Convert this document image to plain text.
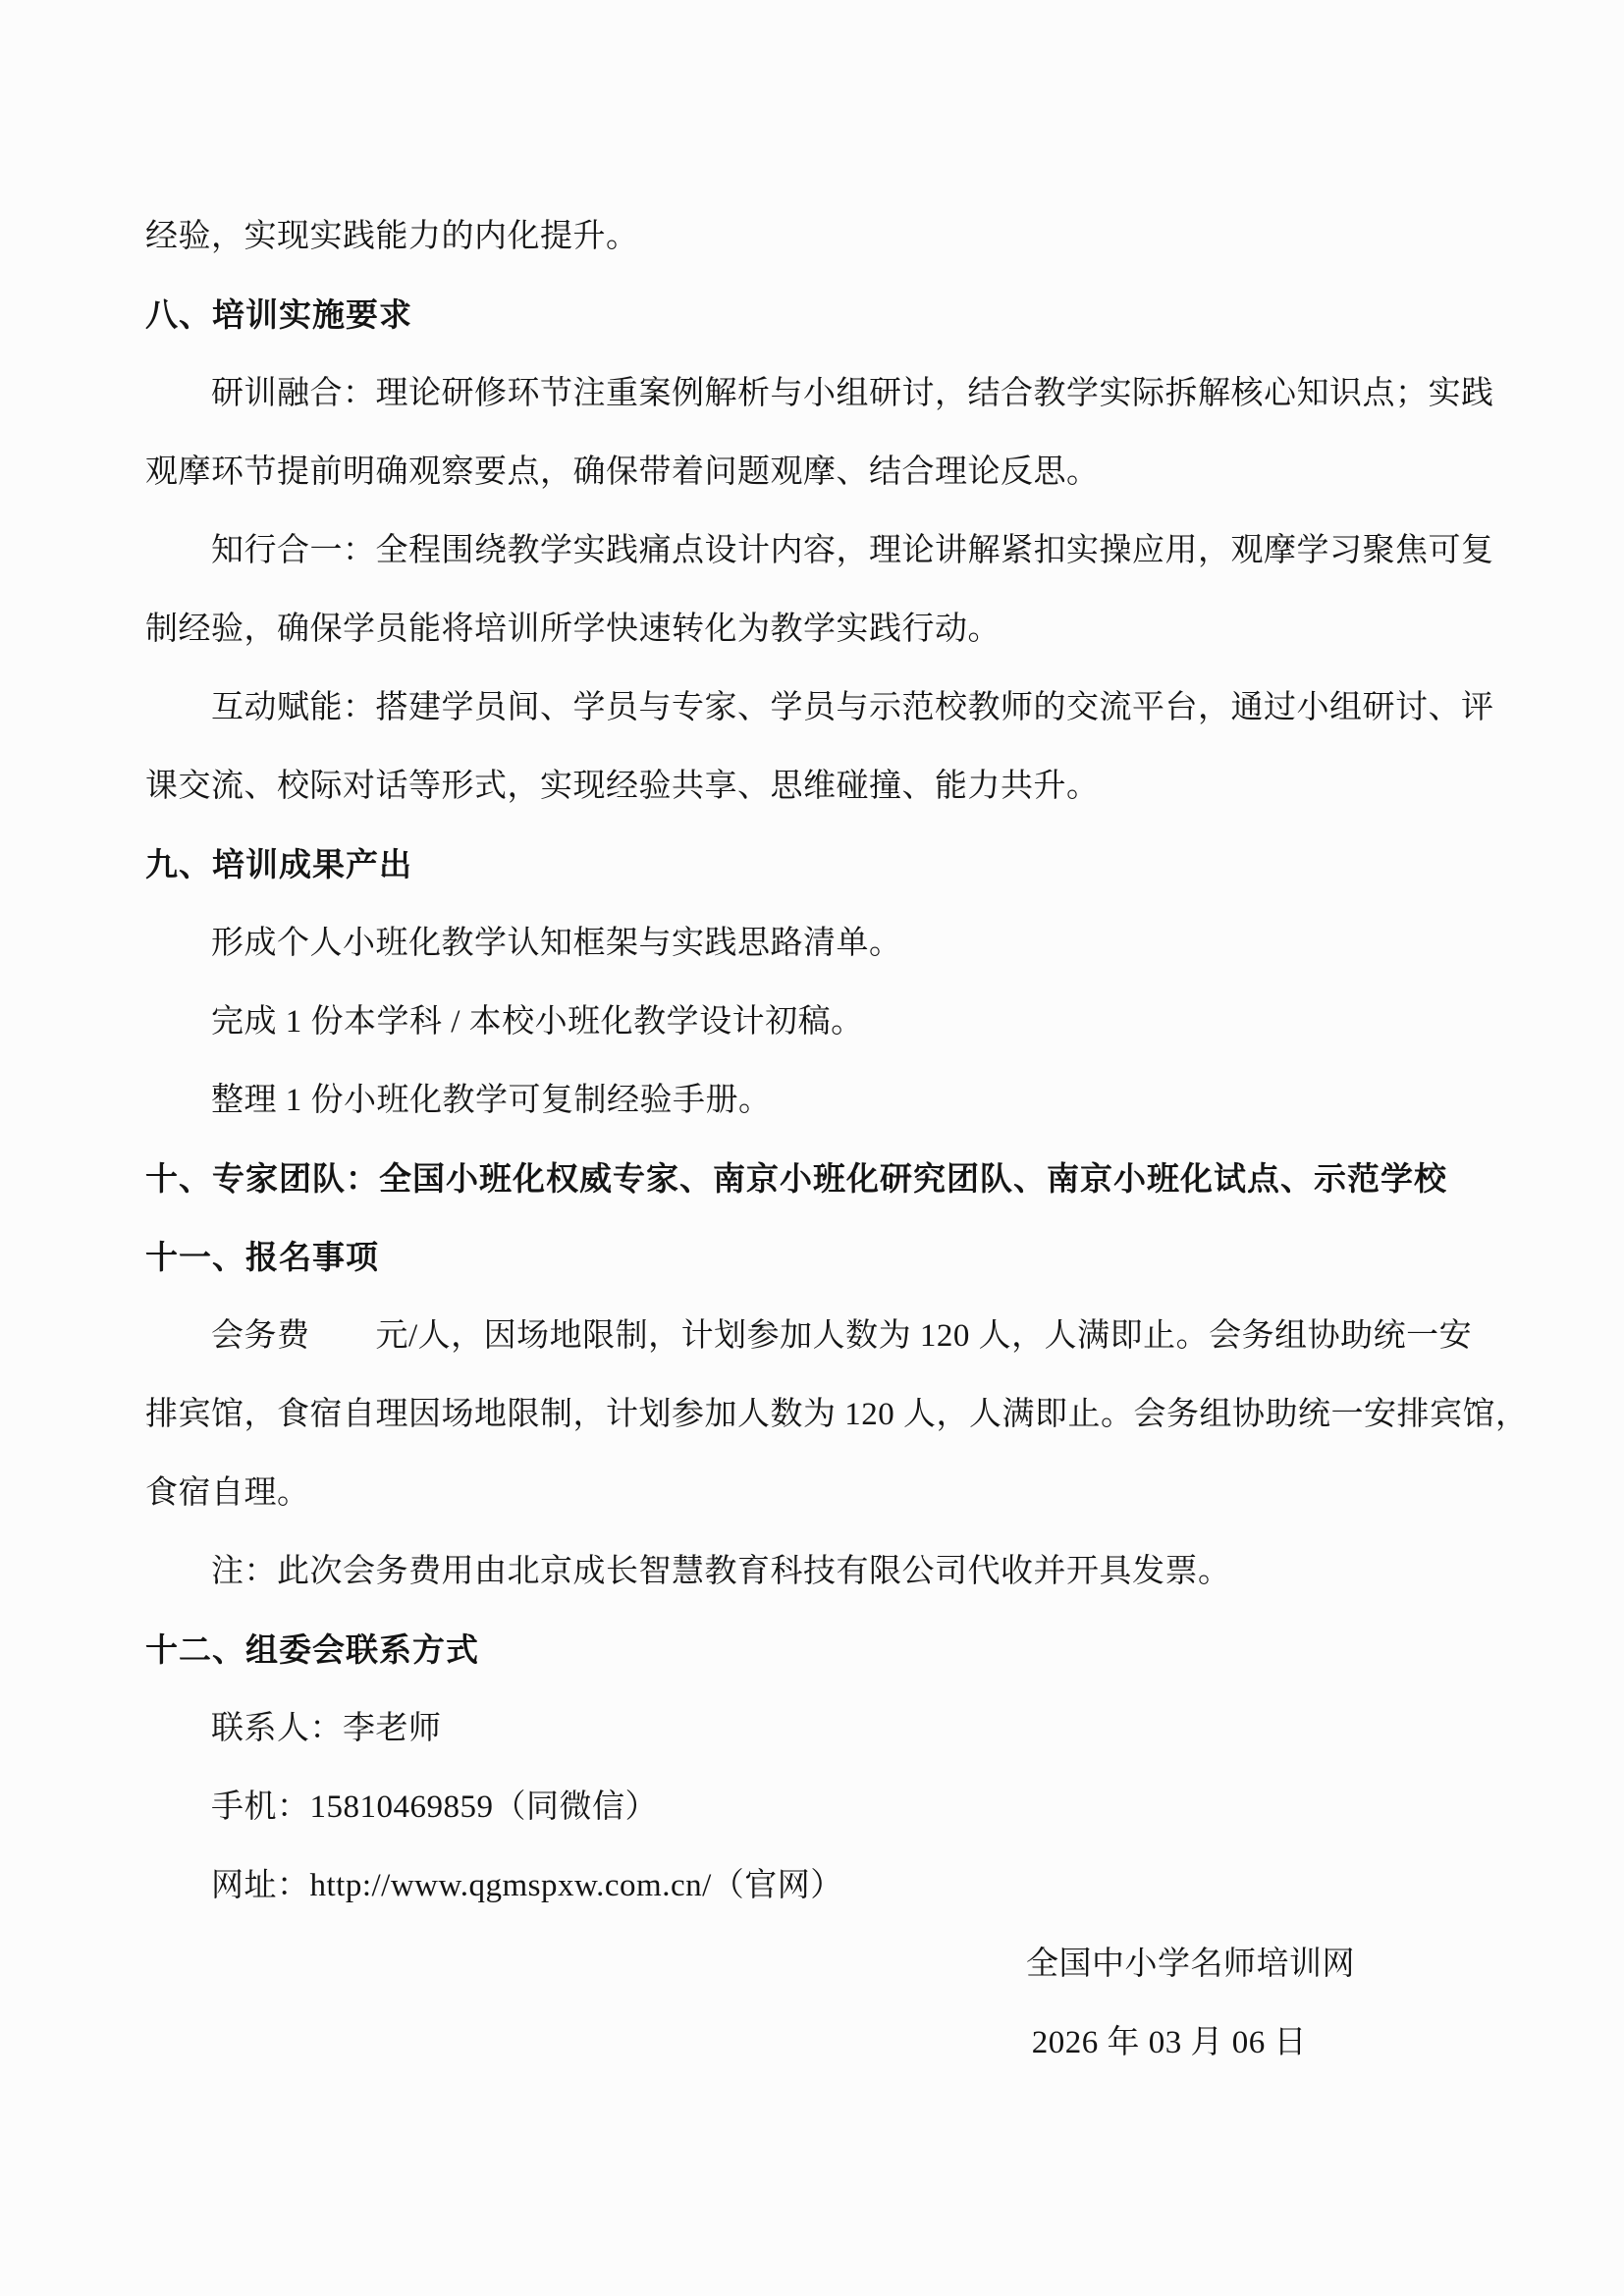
经验，实现实践能力的内化提升。
八、培训实施要求
研训融合：理论研修环节注重案例解析与小组研讨，结合教学实际拆解核心知识点；实践
观摩环节提前明确观察要点，确保带着问题观摩、结合理论反思。
知行合一：全程围绕教学实践痛点设计内容，理论讲解紧扣实操应用，观摩学习聚焦可复
制经验，确保学员能将培训所学快速转化为教学实践行动。
互动赋能：搭建学员间、学员与专家、学员与示范校教师的交流平台，通过小组研讨、评
课交流、校际对话等形式，实现经验共享、思维碰撞、能力共升。
九、培训成果产出
形成个人小班化教学认知框架与实践思路清单。
完成 1 份本学科 / 本校小班化教学设计初稿。
整理 1 份小班化教学可复制经验手册。
十、专家团队：全国小班化权威专家、南京小班化研究团队、南京小班化试点、示范学校
十一、报名事项
会务费　　元/人，因场地限制，计划参加人数为 120 人，人满即止。会务组协助统一安
排宾馆，食宿自理因场地限制，计划参加人数为 120 人，人满即止。会务组协助统一安排宾馆，
食宿自理。
注：此次会务费用由北京成长智慧教育科技有限公司代收并开具发票。
十二、组委会联系方式
联系人：李老师
手机：15810469859（同微信）
网址：http://www.qgmspxw.com.cn/（官网）
全国中小学名师培训网
2026 年 03 月 06 日
